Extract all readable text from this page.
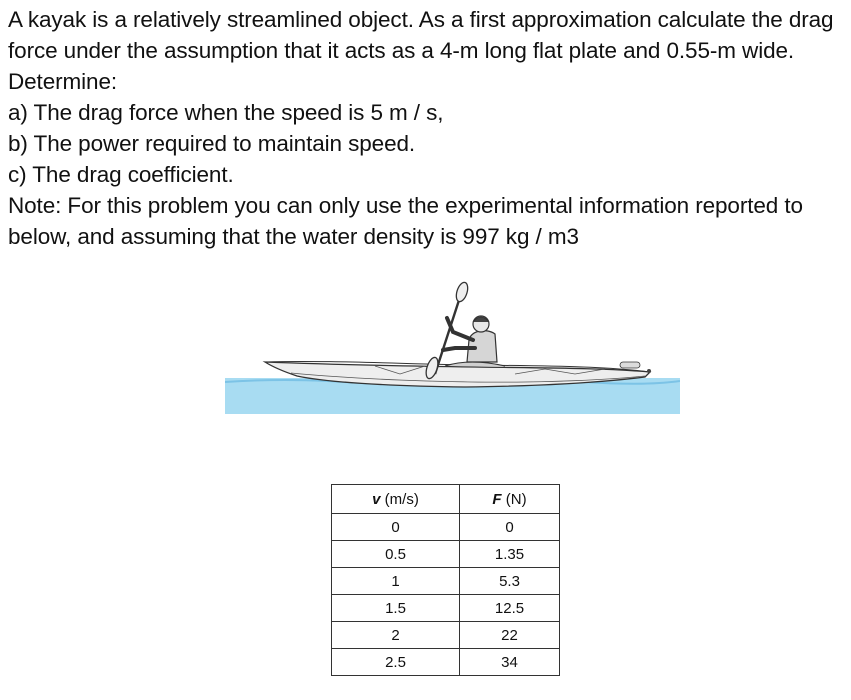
A kayak is a relatively streamlined object. As a first approximation calculate the drag force under the assumption that it acts as a 4-m long flat plate and 0.55-m wide. Determine:

a) The drag force when the speed is 5 m / s,

b) The power required to maintain speed.

c) The drag coefficient.

Note: For this problem you can only use the experimental information reported to below, and assuming that the water density is 997 kg / m3

v (m/s)	F (N)
0	0
0.5	1.35
1	5.3
1.5	12.5
2	22
2.5	34
